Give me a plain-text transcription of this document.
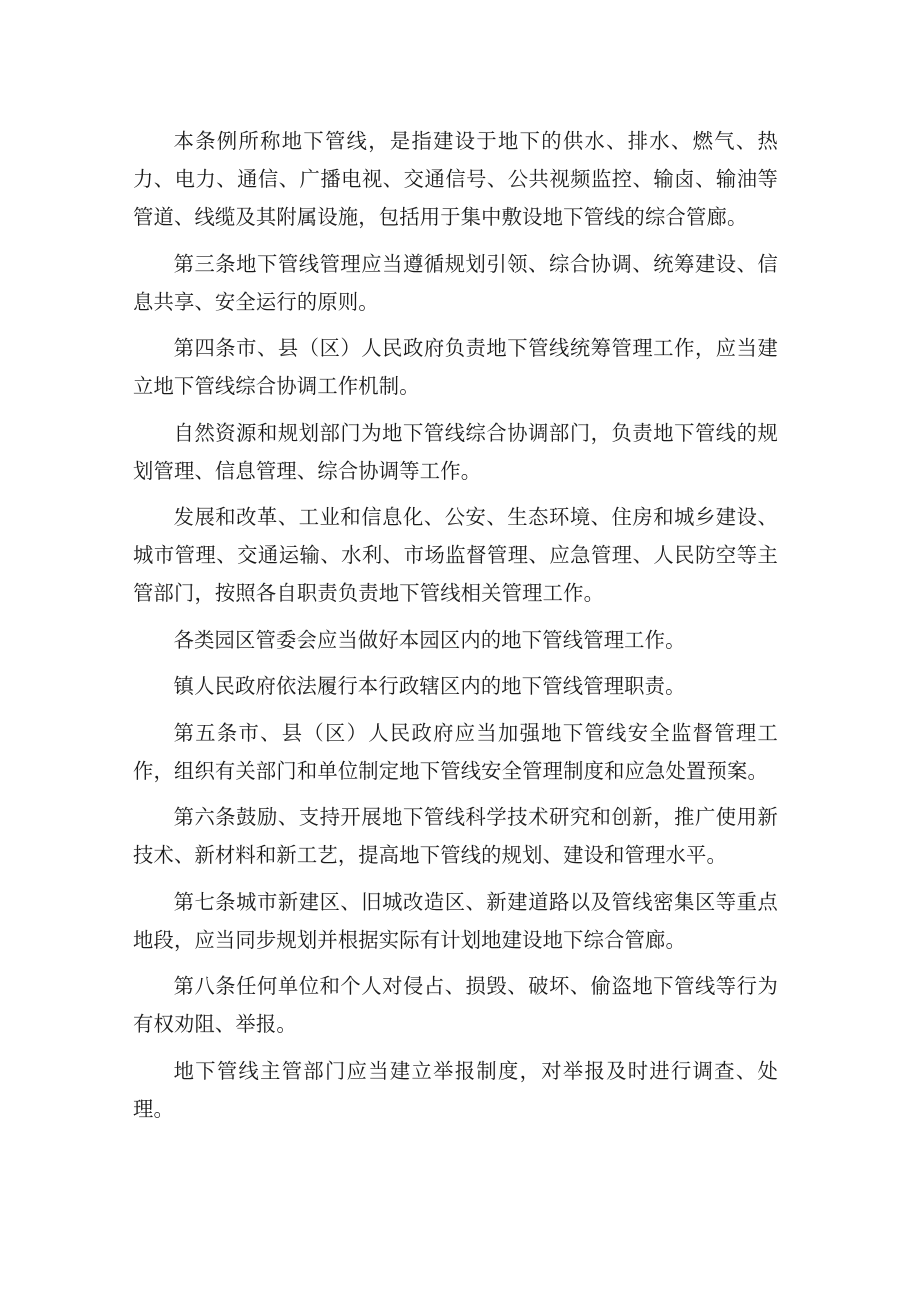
本条例所称地下管线，是指建设于地下的供水、排水、燃气、热力、电力、通信、广播电视、交通信号、公共视频监控、输卤、输油等管道、线缆及其附属设施，包括用于集中敷设地下管线的综合管廊。

第三条地下管线管理应当遵循规划引领、综合协调、统筹建设、信息共享、安全运行的原则。

第四条市、县（区）人民政府负责地下管线统筹管理工作，应当建立地下管线综合协调工作机制。

自然资源和规划部门为地下管线综合协调部门，负责地下管线的规划管理、信息管理、综合协调等工作。

发展和改革、工业和信息化、公安、生态环境、住房和城乡建设、城市管理、交通运输、水利、市场监督管理、应急管理、人民防空等主管部门，按照各自职责负责地下管线相关管理工作。

各类园区管委会应当做好本园区内的地下管线管理工作。

镇人民政府依法履行本行政辖区内的地下管线管理职责。

第五条市、县（区）人民政府应当加强地下管线安全监督管理工作，组织有关部门和单位制定地下管线安全管理制度和应急处置预案。

第六条鼓励、支持开展地下管线科学技术研究和创新，推广使用新技术、新材料和新工艺，提高地下管线的规划、建设和管理水平。

第七条城市新建区、旧城改造区、新建道路以及管线密集区等重点地段，应当同步规划并根据实际有计划地建设地下综合管廊。

第八条任何单位和个人对侵占、损毁、破坏、偷盗地下管线等行为有权劝阻、举报。

地下管线主管部门应当建立举报制度，对举报及时进行调查、处理。
